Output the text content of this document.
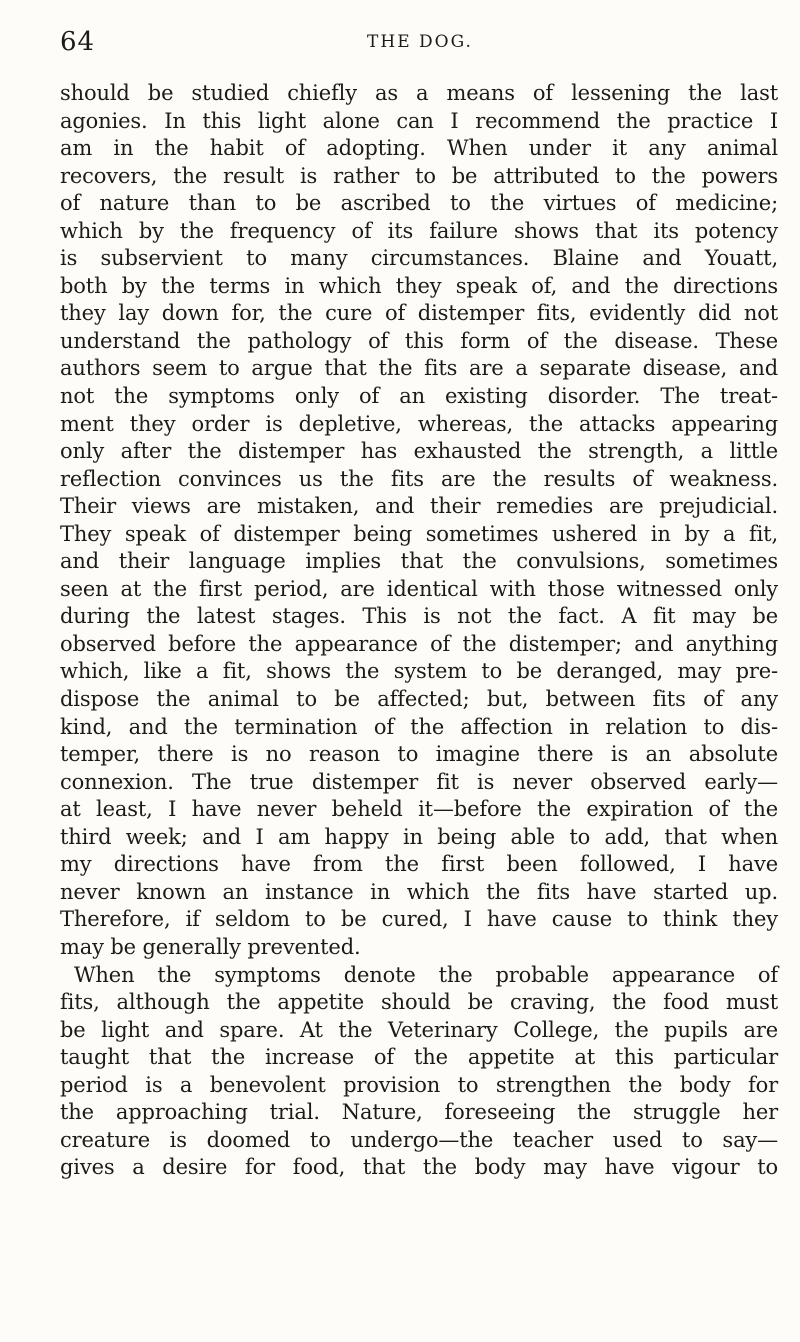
64	THE DOG.
should be studied chiefly as a means of lessening the last
agonies. In this light alone can I recommend the practice I
am in the habit of adopting. When under it any animal
recovers, the result is rather to be attributed to the powers
of nature than to be ascribed to the virtues of medicine;
which by the frequency of its failure shows that its potency
is subservient to many circumstances. Blaine and Youatt,
both by the terms in which they speak of, and the directions
they lay down for, the cure of distemper fits, evidently did not
understand the pathology of this form of the disease. These
authors seem to argue that the fits are a separate disease, and
not the symptoms only of an existing disorder. The treat-
ment they order is depletive, whereas, the attacks appearing
only after the distemper has exhausted the strength, a little
reflection convinces us the fits are the results of weakness.
Their views are mistaken, and their remedies are prejudicial.
They speak of distemper being sometimes ushered in by a fit,
and their language implies that the convulsions, sometimes
seen at the first period, are identical with those witnessed only
during the latest stages. This is not the fact. A fit may be
observed before the appearance of the distemper; and anything
which, like a fit, shows the system to be deranged, may pre-
dispose the animal to be affected; but, between fits of any
kind, and the termination of the affection in relation to dis-
temper, there is no reason to imagine there is an absolute
connexion. The true distemper fit is never observed early—
at least, I have never beheld it—before the expiration of the
third week; and I am happy in being able to add, that when
my directions have from the first been followed, I have
never known an instance in which the fits have started up.
Therefore, if seldom to be cured, I have cause to think they
may be generally prevented.
When the symptoms denote the probable appearance of
fits, although the appetite should be craving, the food must
be light and spare. At the Veterinary College, the pupils are
taught that the increase of the appetite at this particular
period is a benevolent provision to strengthen the body for
the approaching trial. Nature, foreseeing the struggle her
creature is doomed to undergo—the teacher used to say—
gives a desire for food, that the body may have vigour to
